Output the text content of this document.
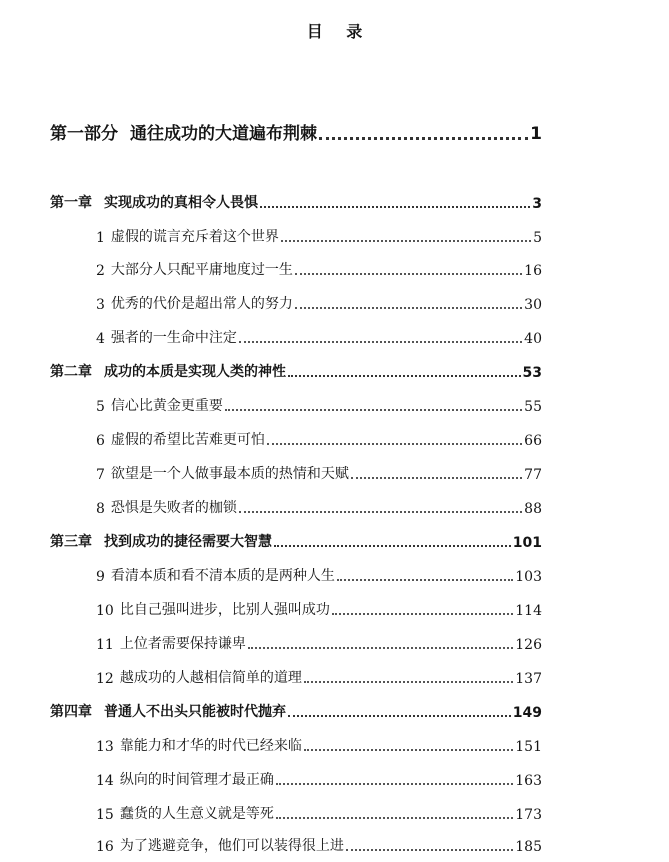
目 录
第一部分 通往成功的大道遍布荆棘	1
第一章 实现成功的真相令人畏惧	3
1 虚假的谎言充斥着这个世界	5
2 大部分人只配平庸地度过一生	16
3 优秀的代价是超出常人的努力	30
4 强者的一生命中注定	40
第二章 成功的本质是实现人类的神性	53
5 信心比黄金更重要	55
6 虚假的希望比苦难更可怕	66
7 欲望是一个人做事最本质的热情和天赋	77
8 恐惧是失败者的枷锁	88
第三章 找到成功的捷径需要大智慧	101
9 看清本质和看不清本质的是两种人生	103
10 比自己强叫进步，比别人强叫成功	114
11 上位者需要保持谦卑	126
12 越成功的人越相信简单的道理	137
第四章 普通人不出头只能被时代抛弃	149
13 靠能力和才华的时代已经来临	151
14 纵向的时间管理才最正确	163
15 蠢货的人生意义就是等死	173
16 为了逃避竞争，他们可以装得很上进	185
